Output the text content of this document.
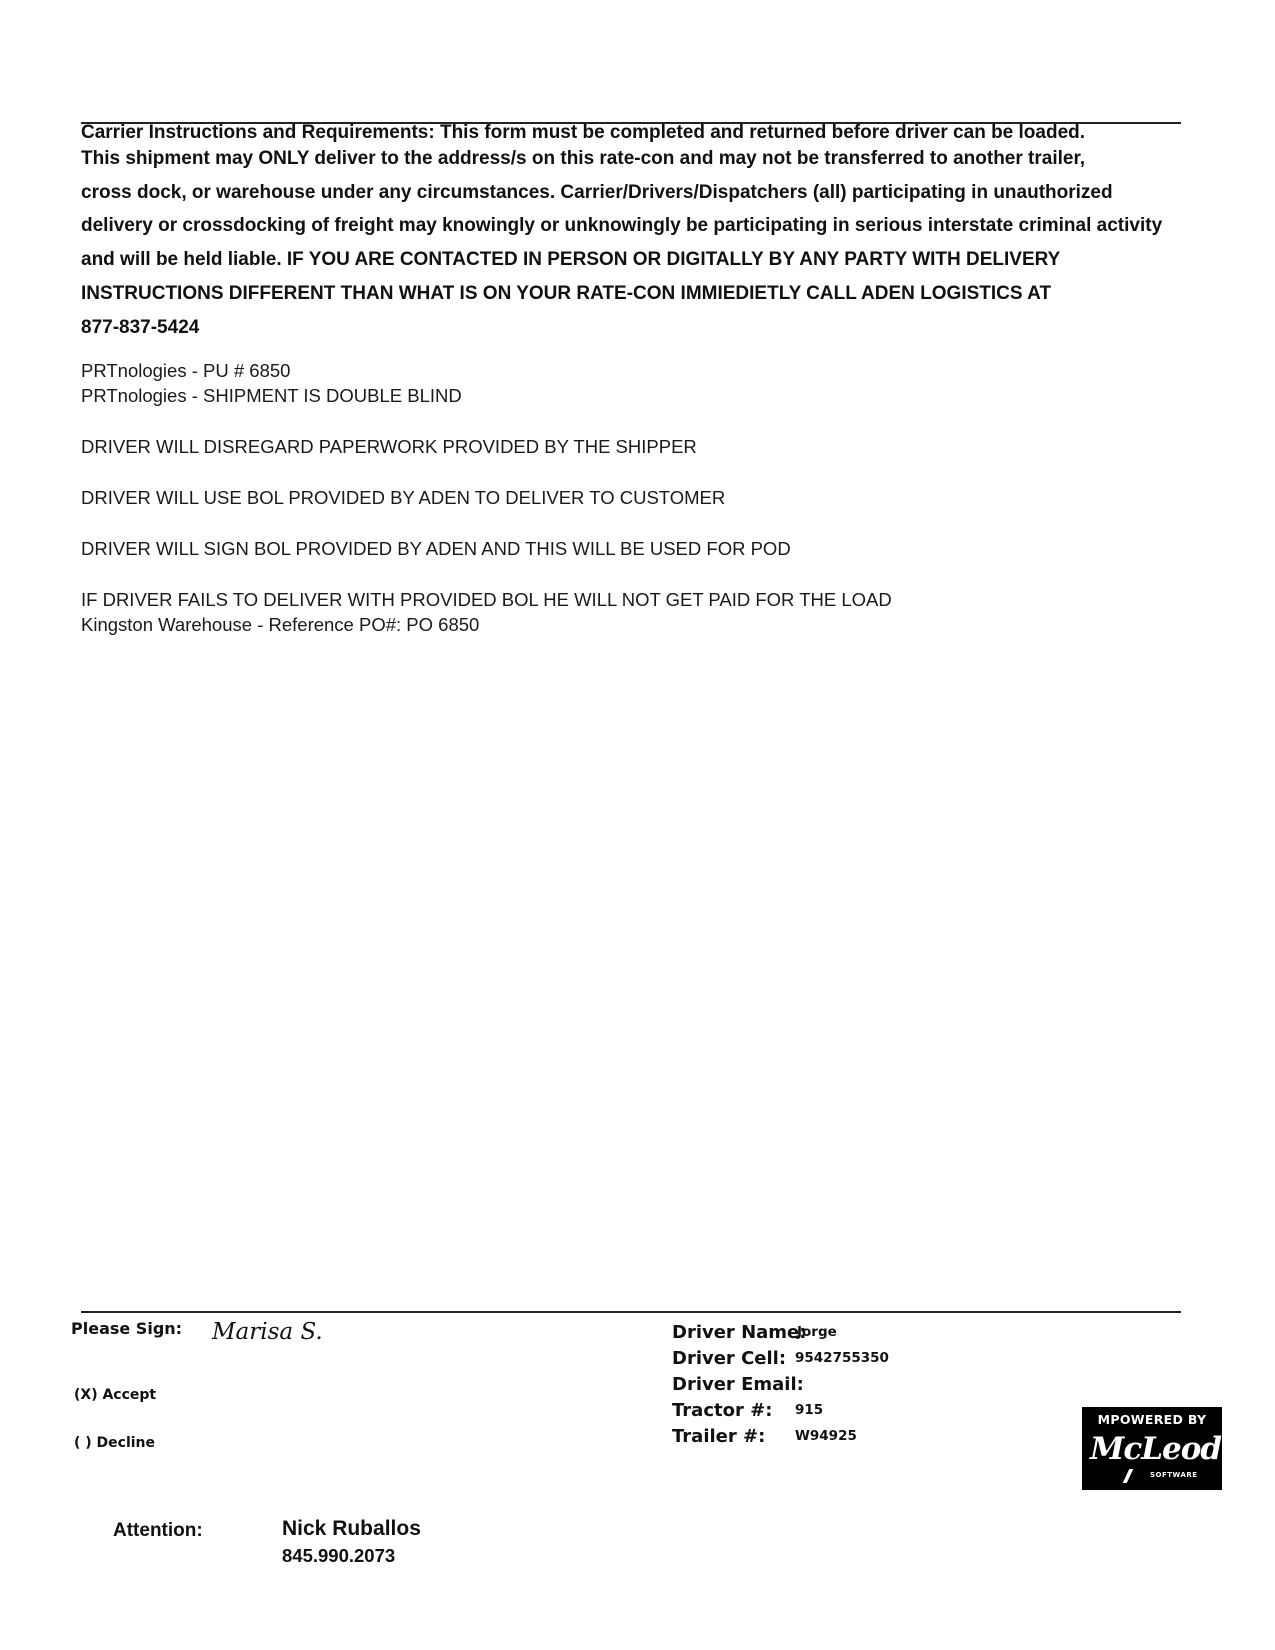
Carrier Instructions and Requirements: This form must be completed and returned before driver can be loaded.
This shipment may ONLY deliver to the address/s on this rate-con and may not be transferred to another trailer,
cross dock, or warehouse under any circumstances. Carrier/Drivers/Dispatchers (all) participating in unauthorized
delivery or crossdocking of freight may knowingly or unknowingly be participating in serious interstate criminal activity
and will be held liable. IF YOU ARE CONTACTED IN PERSON OR DIGITALLY BY ANY PARTY WITH DELIVERY
INSTRUCTIONS DIFFERENT THAN WHAT IS ON YOUR RATE-CON IMMIEDIETLY CALL ADEN LOGISTICS AT
877-837-5424
PRTnologies - PU # 6850
PRTnologies - SHIPMENT IS DOUBLE BLIND
DRIVER WILL DISREGARD PAPERWORK PROVIDED BY THE SHIPPER
DRIVER WILL USE BOL PROVIDED BY ADEN TO DELIVER TO CUSTOMER
DRIVER WILL SIGN BOL PROVIDED BY ADEN AND THIS WILL BE USED FOR POD
IF DRIVER FAILS TO DELIVER WITH PROVIDED BOL HE WILL NOT GET PAID FOR THE LOAD
Kingston Warehouse - Reference PO#: PO 6850
Please Sign: Marisa S.
(X) Accept
( ) Decline
Driver Name:
Jorge
Driver Cell: 9542755350
Driver Email:
Tractor #: 915
Trailer #: W94925
MPOWERED BY
McLeod
SOFTWARE
Attention:	Nick Ruballos
845.990.2073
